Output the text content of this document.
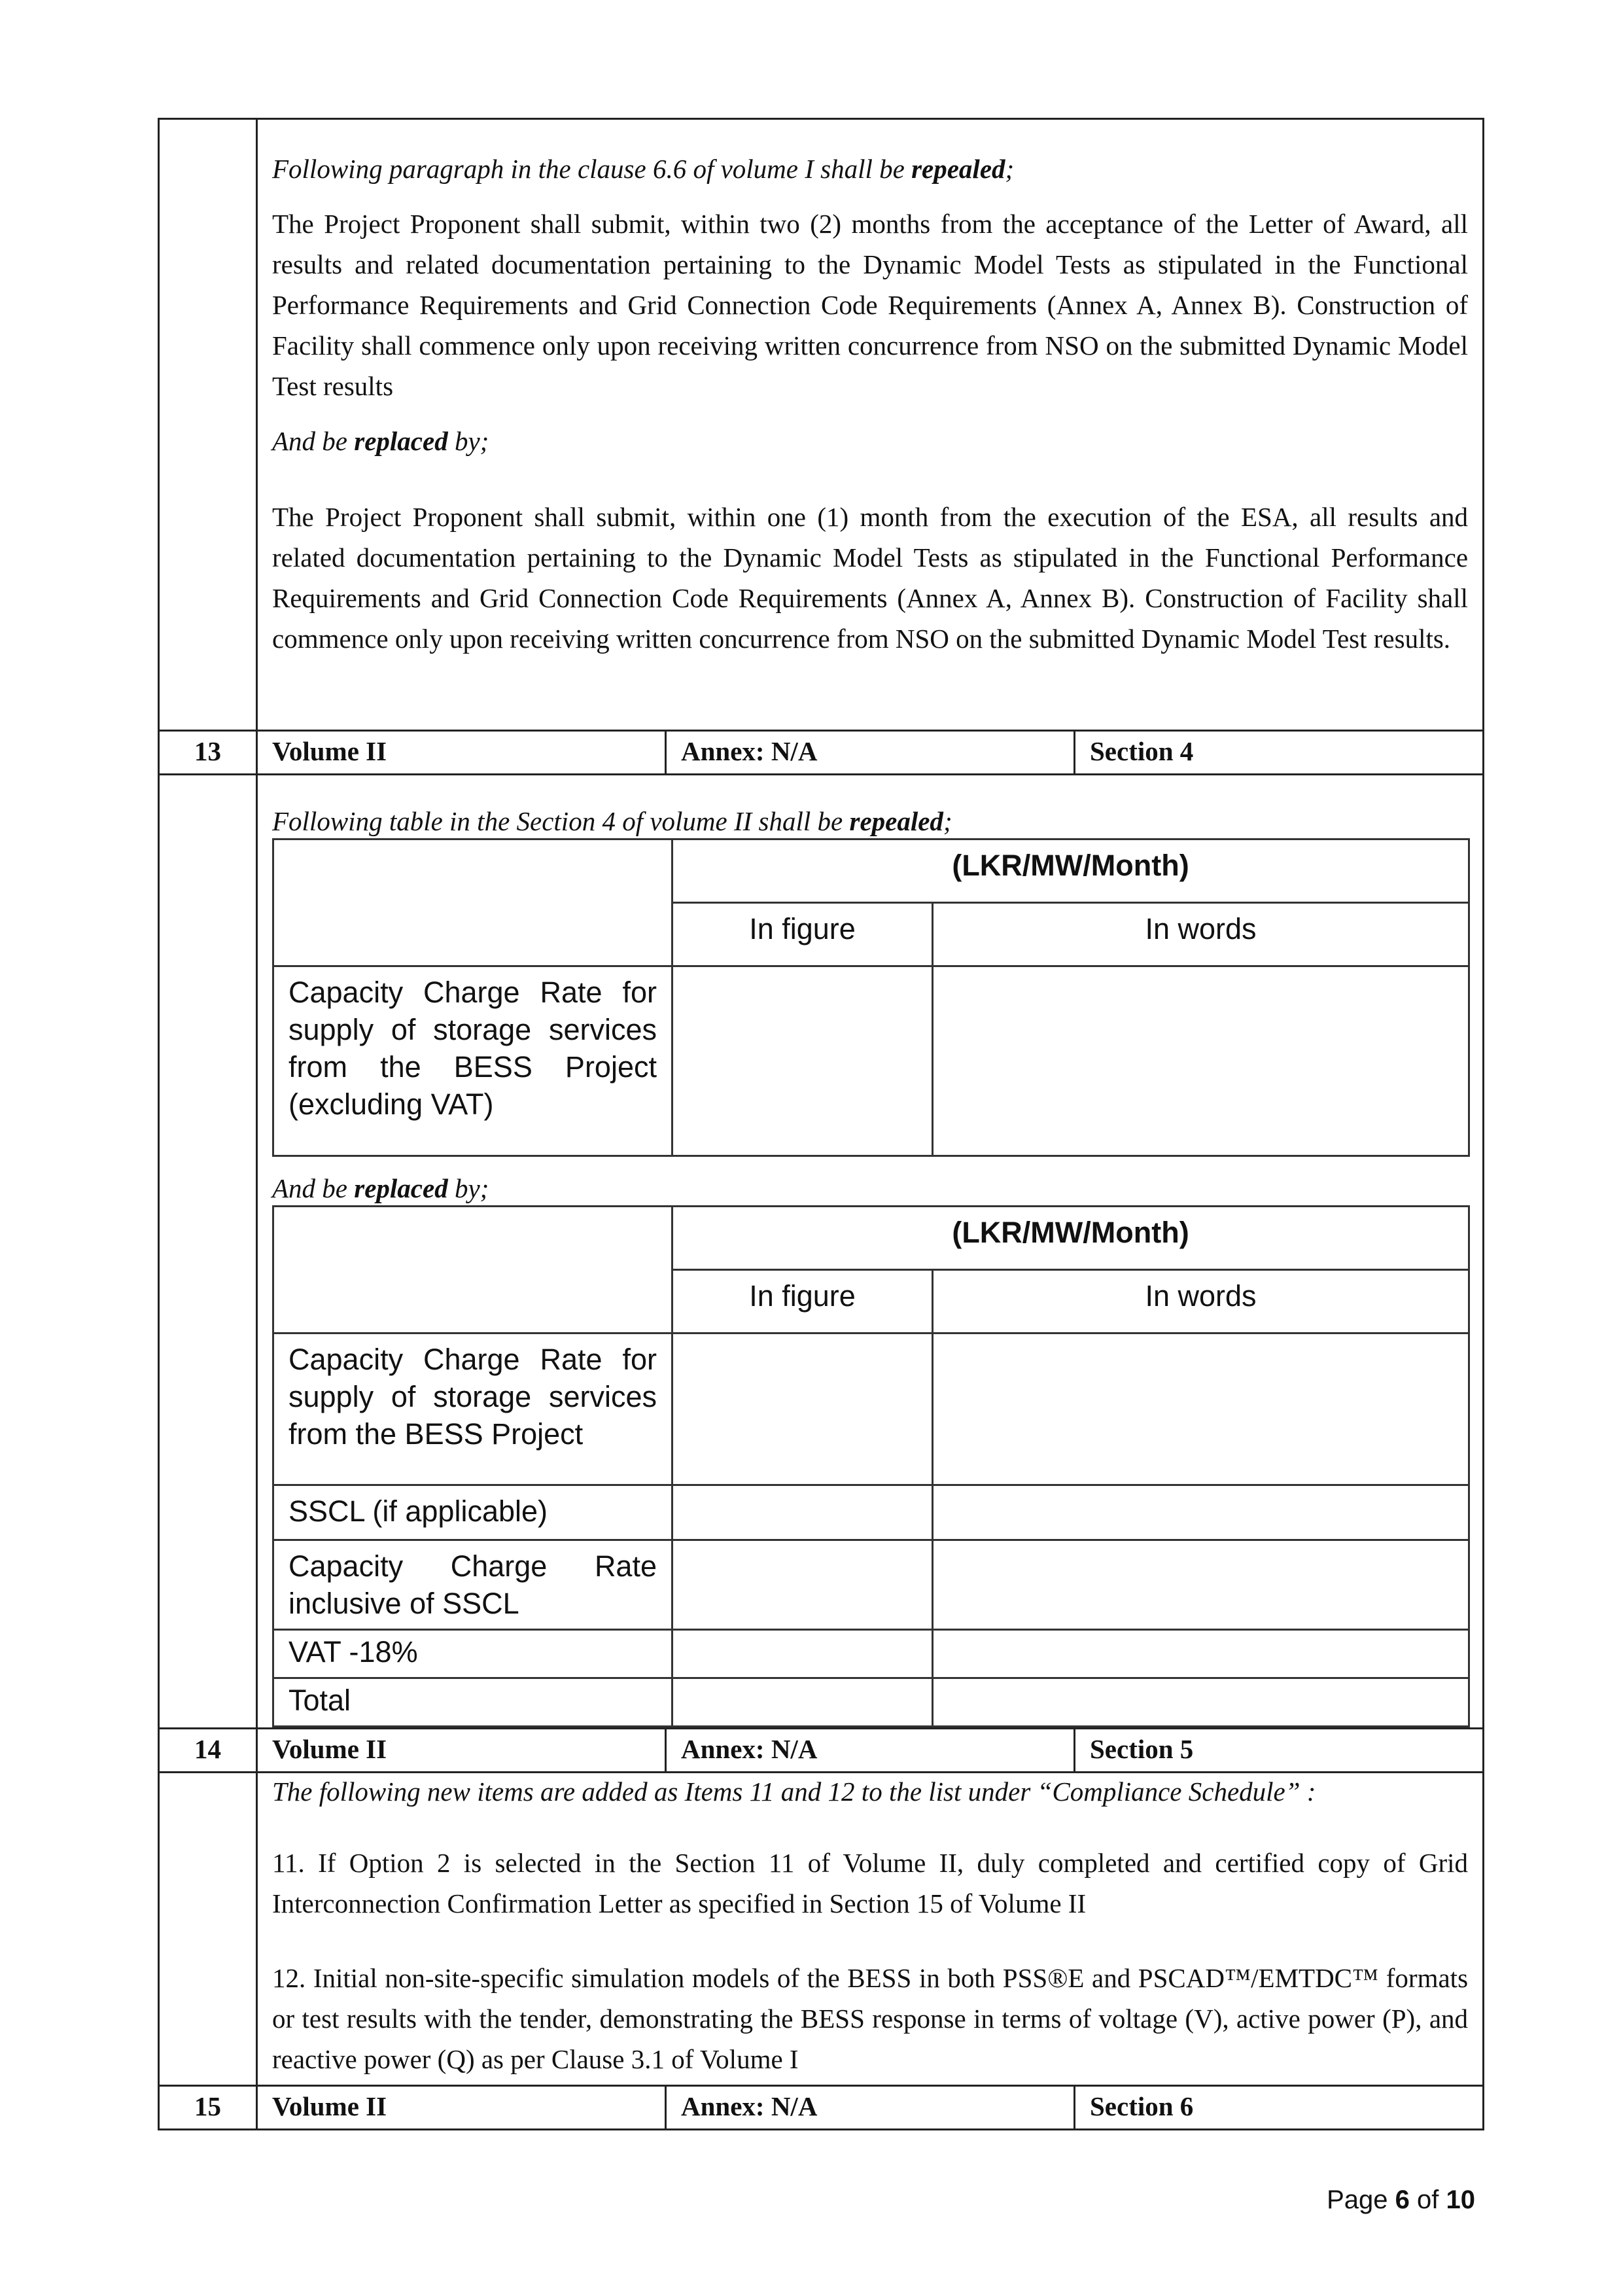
Following paragraph in the clause 6.6 of volume I shall be repealed;

The Project Proponent shall submit, within two (2) months from the acceptance of the Letter of Award, all results and related documentation pertaining to the Dynamic Model Tests as stipulated in the Functional Performance Requirements and Grid Connection Code Requirements (Annex A, Annex B). Construction of Facility shall commence only upon receiving written concurrence from NSO on the submitted Dynamic Model Test results

And be replaced by;

The Project Proponent shall submit, within one (1) month from the execution of the ESA, all results and related documentation pertaining to the Dynamic Model Tests as stipulated in the Functional Performance Requirements and Grid Connection Code Requirements (Annex A, Annex B). Construction of Facility shall commence only upon receiving written concurrence from NSO on the submitted Dynamic Model Test results.

13	Volume II	Annex: N/A	Section 4

Following table in the Section 4 of volume II shall be repealed;

	(LKR/MW/Month)
In figure	In words
Capacity Charge Rate for supply of storage services from the BESS Project (excluding VAT)		

And be replaced by;

	(LKR/MW/Month)
In figure	In words
Capacity Charge Rate for supply of storage services from the BESS Project		
SSCL (if applicable)		
Capacity Charge Rate inclusive of SSCL		
VAT -18%		
Total		

14	Volume II	Annex: N/A	Section 5

The following new items are added as Items 11 and 12 to the list under “Compliance Schedule” :

11. If Option 2 is selected in the Section 11 of Volume II, duly completed and certified copy of Grid Interconnection Confirmation Letter as specified in Section 15 of Volume II

12. Initial non-site-specific simulation models of the BESS in both PSS®E and PSCAD™/EMTDC™ formats or test results with the tender, demonstrating the BESS response in terms of voltage (V), active power (P), and reactive power (Q) as per Clause 3.1 of Volume I

15	Volume II	Annex: N/A	Section 6
Page 6 of 10
